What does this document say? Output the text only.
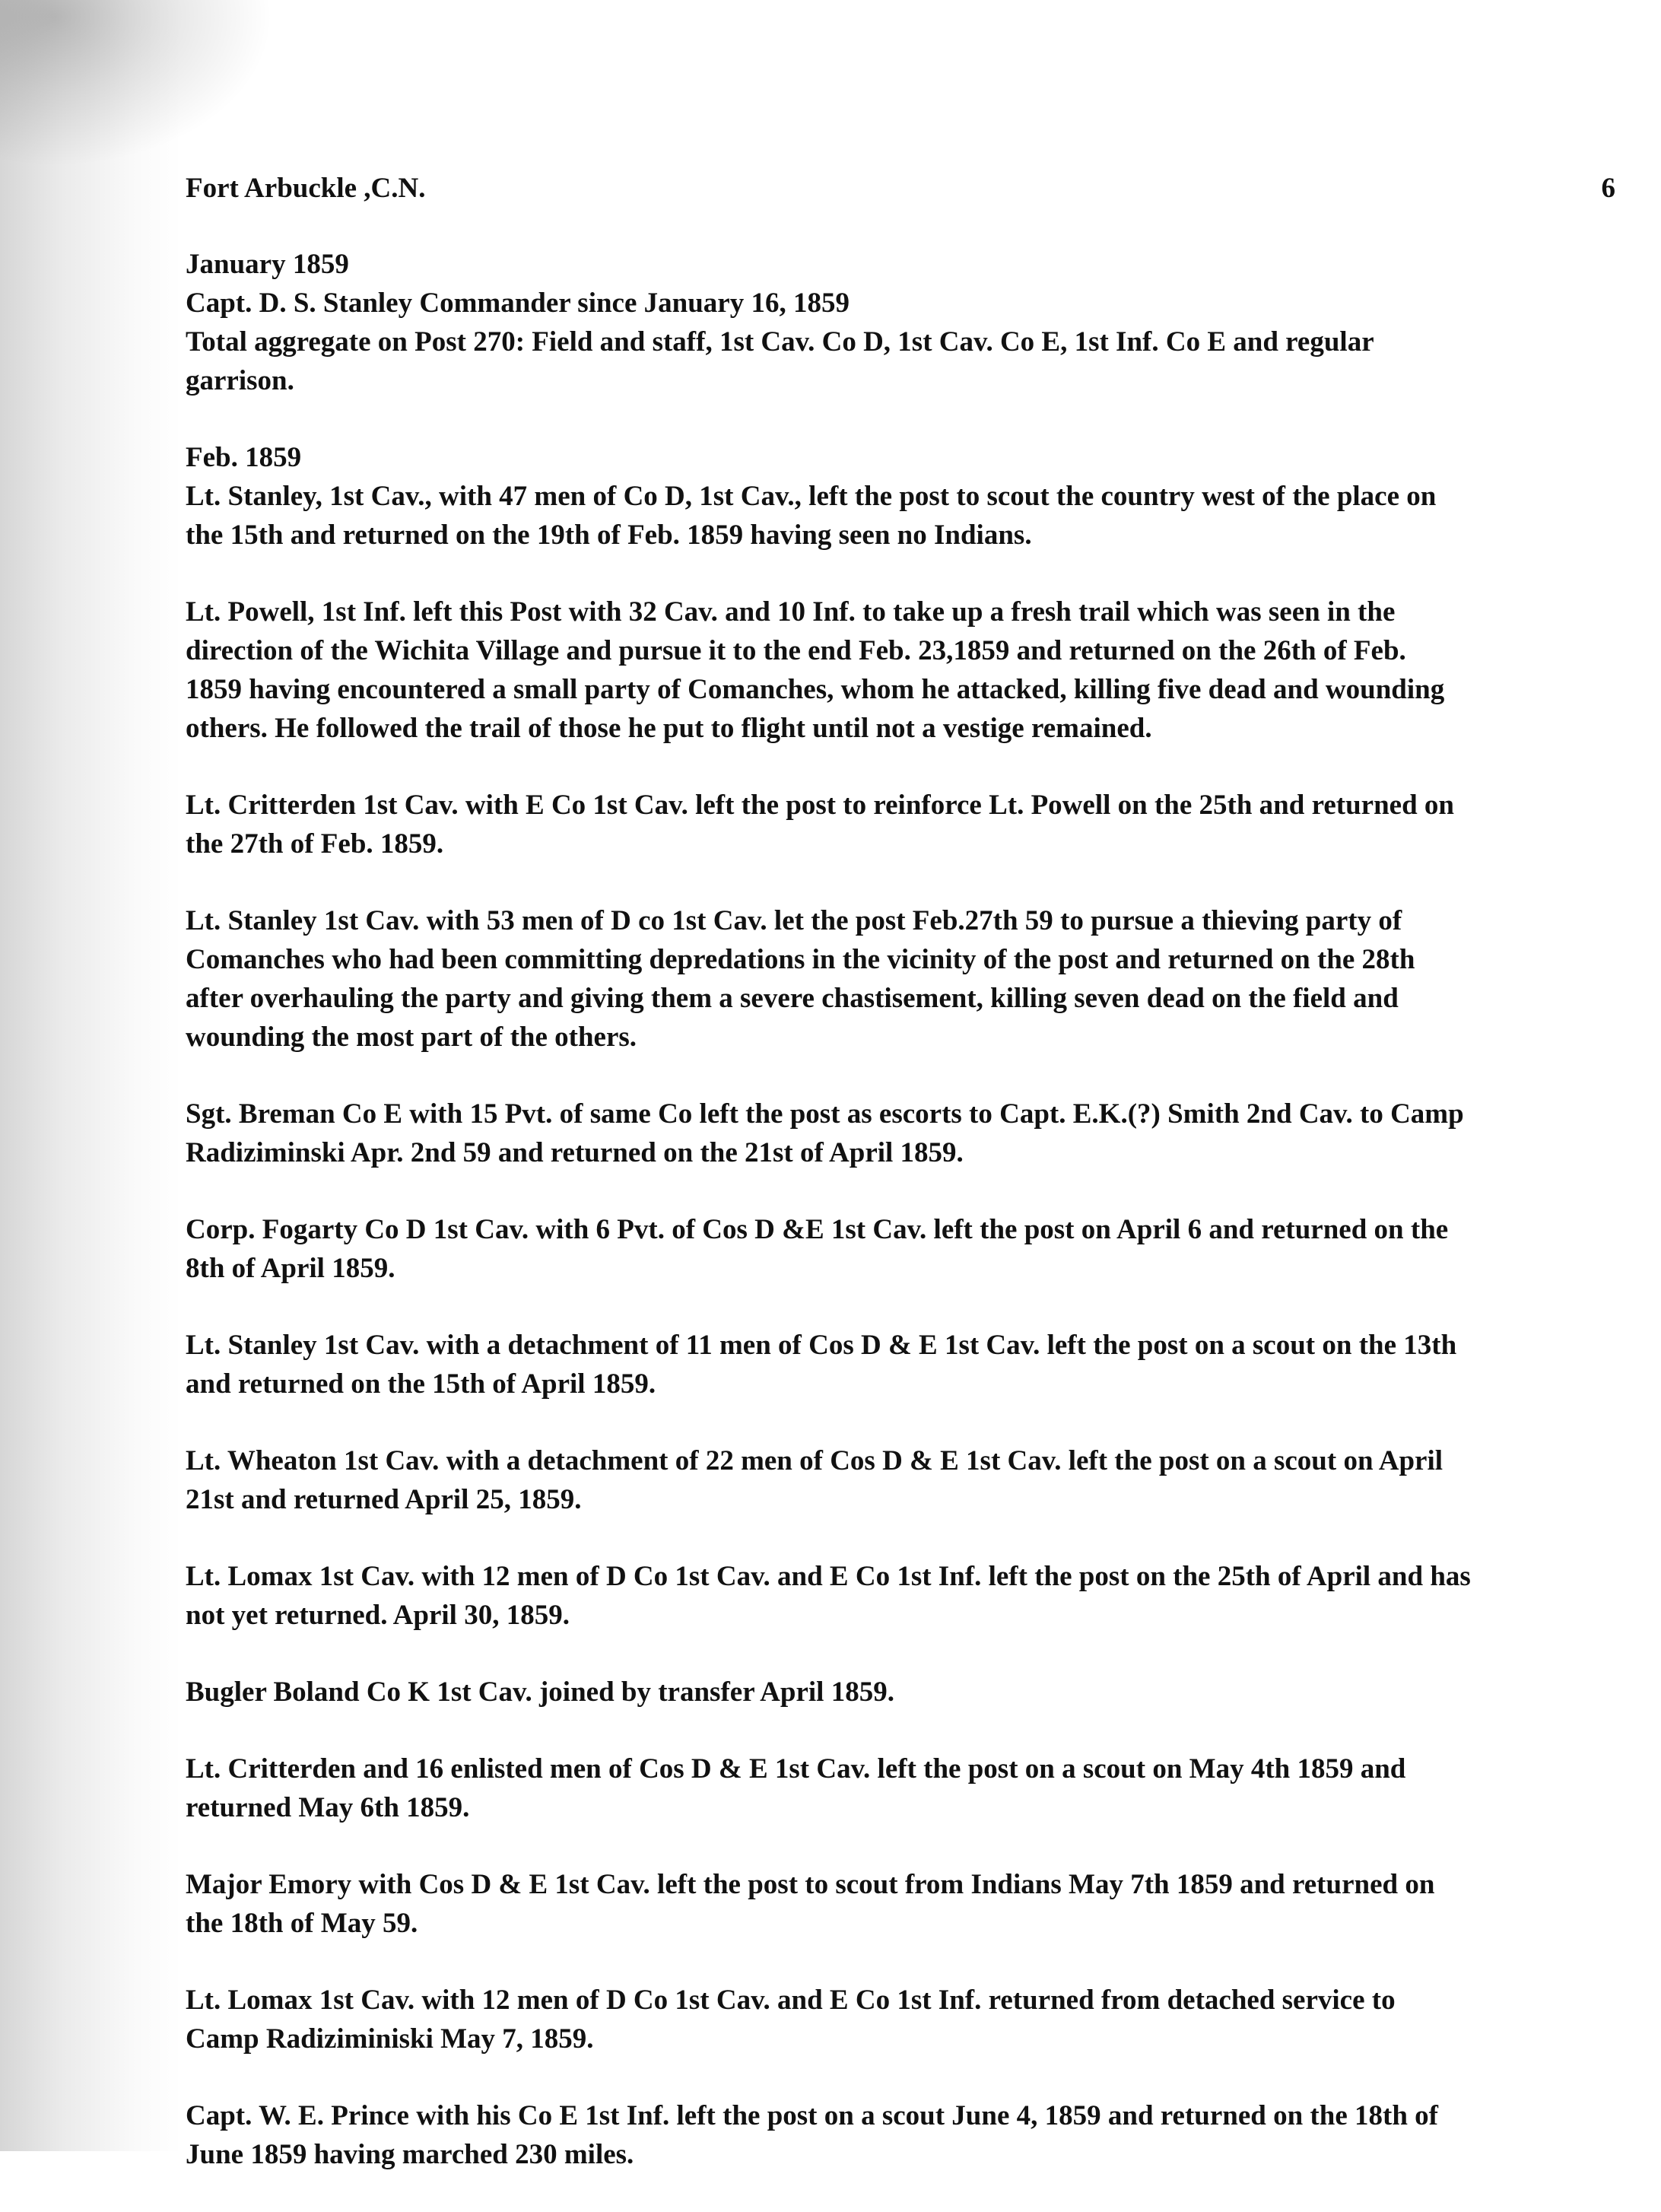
Fort Arbuckle ,C.N.	6

January 1859
Capt. D. S. Stanley Commander since January 16, 1859
Total aggregate on Post 270: Field and staff, 1st Cav. Co D, 1st Cav. Co E, 1st Inf. Co E and regular
garrison.

Feb. 1859
Lt. Stanley, 1st Cav., with 47 men of Co D, 1st Cav., left the post to scout the country west of the place on
the 15th and returned on the 19th of Feb. 1859 having seen no Indians.

Lt. Powell, 1st Inf. left this Post with 32 Cav. and 10 Inf. to take up a fresh trail which was seen in the
direction of the Wichita Village and pursue it to the end Feb. 23,1859 and returned on the 26th of Feb.
1859 having encountered a small party of Comanches, whom he attacked, killing five dead and wounding
others. He followed the trail of those he put to flight until not a vestige remained.

Lt. Critterden 1st Cav. with E Co 1st Cav. left the post to reinforce Lt. Powell on the 25th and returned on
the 27th of Feb. 1859.

Lt. Stanley 1st Cav. with 53 men of D co 1st Cav. let the post Feb.27th 59 to pursue a thieving party of
Comanches who had been committing depredations in the vicinity of the post and returned on the 28th
after overhauling the party and giving them a severe chastisement, killing seven dead on the field and
wounding the most part of the others.

Sgt. Breman Co E with 15 Pvt. of same Co left the post as escorts to Capt. E.K.(?) Smith 2nd Cav. to Camp
Radiziminski Apr. 2nd 59 and returned on the 21st of April 1859.

Corp. Fogarty Co D 1st Cav. with 6 Pvt. of Cos D &E 1st Cav. left the post on April 6 and returned on the
8th of April 1859.

Lt. Stanley 1st Cav. with a detachment of 11 men of Cos D & E 1st Cav. left the post on a scout on the 13th
and returned on the 15th of April 1859.

Lt. Wheaton 1st Cav. with a detachment of 22 men of Cos D & E 1st Cav. left the post on a scout on April
21st and returned April 25, 1859.

Lt. Lomax 1st Cav. with 12 men of D Co 1st Cav. and E Co 1st Inf. left the post on the 25th of April and has
not yet returned. April 30, 1859.

Bugler Boland Co K 1st Cav. joined by transfer April 1859.

Lt. Critterden and 16 enlisted men of Cos D & E 1st Cav. left the post on a scout on May 4th 1859 and
returned May 6th 1859.

Major Emory with Cos D & E 1st Cav. left the post to scout from Indians May 7th 1859 and returned on
the 18th of May 59.

Lt. Lomax 1st Cav. with 12 men of D Co 1st Cav. and E Co 1st Inf. returned from detached service to
Camp Radiziminiski May 7, 1859.

Capt. W. E. Prince with his Co E 1st Inf. left the post on a scout June 4, 1859 and returned on the 18th of
June 1859 having marched 230 miles.
